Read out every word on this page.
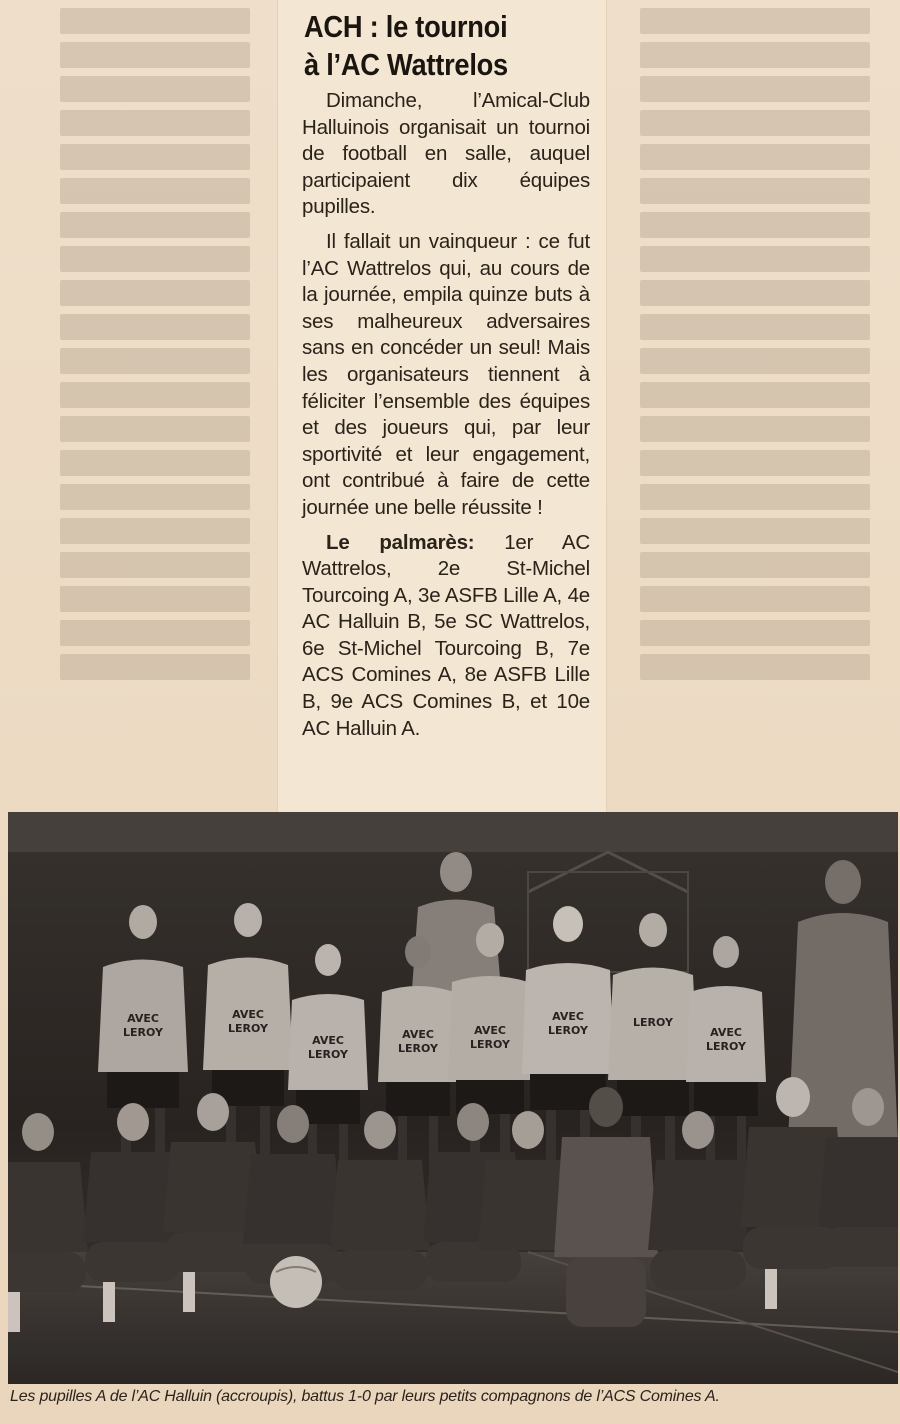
ACH : le tournoi
à l’AC Wattrelos

Dimanche, l’Amical-Club Halluinois organisait un tournoi de football en salle, auquel participaient dix équipes pupilles.

Il fallait un vainqueur : ce fut l’AC Wattrelos qui, au cours de la journée, empila quinze buts à ses malheureux adversaires sans en concéder un seul! Mais les organisateurs tiennent à féliciter l’ensemble des équipes et des joueurs qui, par leur sportivité et leur engagement, ont contribué à faire de cette journée une belle réussite !

Le palmarès: 1er AC Wattrelos, 2e St-Michel Tourcoing A, 3e ASFB Lille A, 4e AC Halluin B, 5e SC Wattrelos, 6e St-Michel Tourcoing B, 7e ACS Comines A, 8e ASFB Lille B, 9e ACS Comines B, et 10e AC Halluin A.

AVEC
LEROY
AVEC
LEROY
AVEC
LEROY
AVEC
LEROY
AVEC
LEROY
AVEC
LEROY
LEROY
AVEC
LEROY
Les pupilles A de l’AC Halluin (accroupis), battus 1-0 par leurs petits compagnons de l’ACS Comines A.
